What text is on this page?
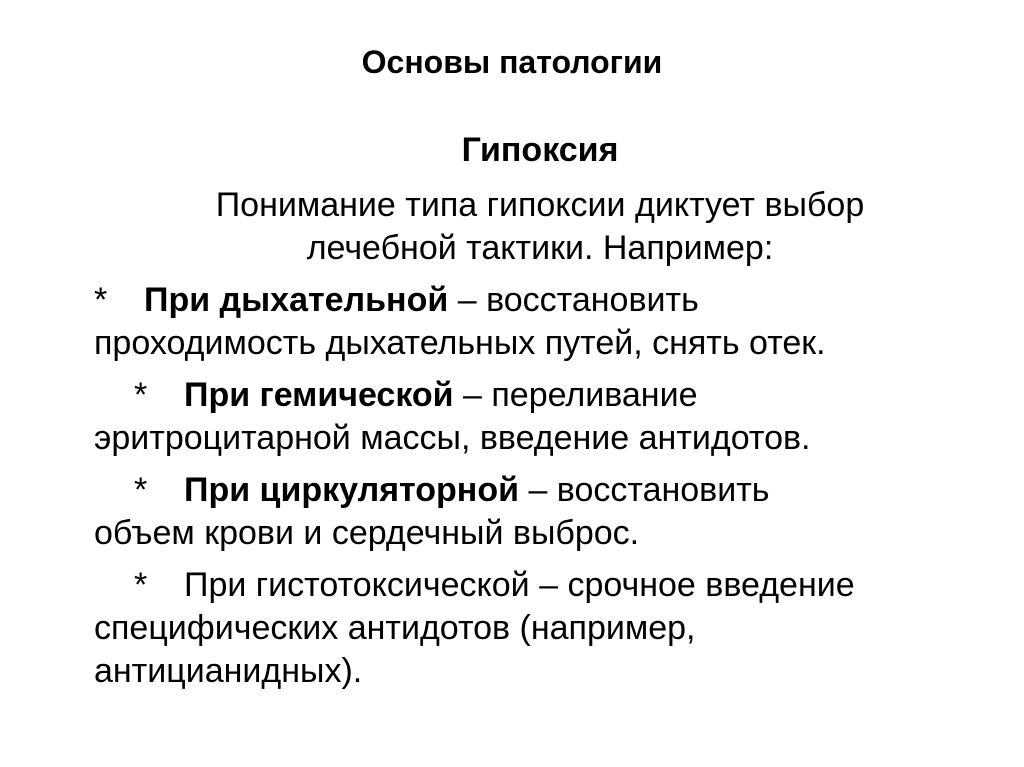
Основы патологии
Гипоксия
Понимание типа гипоксии диктует выбор
лечебной тактики. Например:
* При дыхательной – восстановить
проходимость дыхательных путей, снять отек.
* При гемической – переливание
эритроцитарной массы, введение антидотов.
* При циркуляторной – восстановить
объем крови и сердечный выброс.
* При гистотоксической – срочное введение
специфических антидотов (например,
антицианидных).
